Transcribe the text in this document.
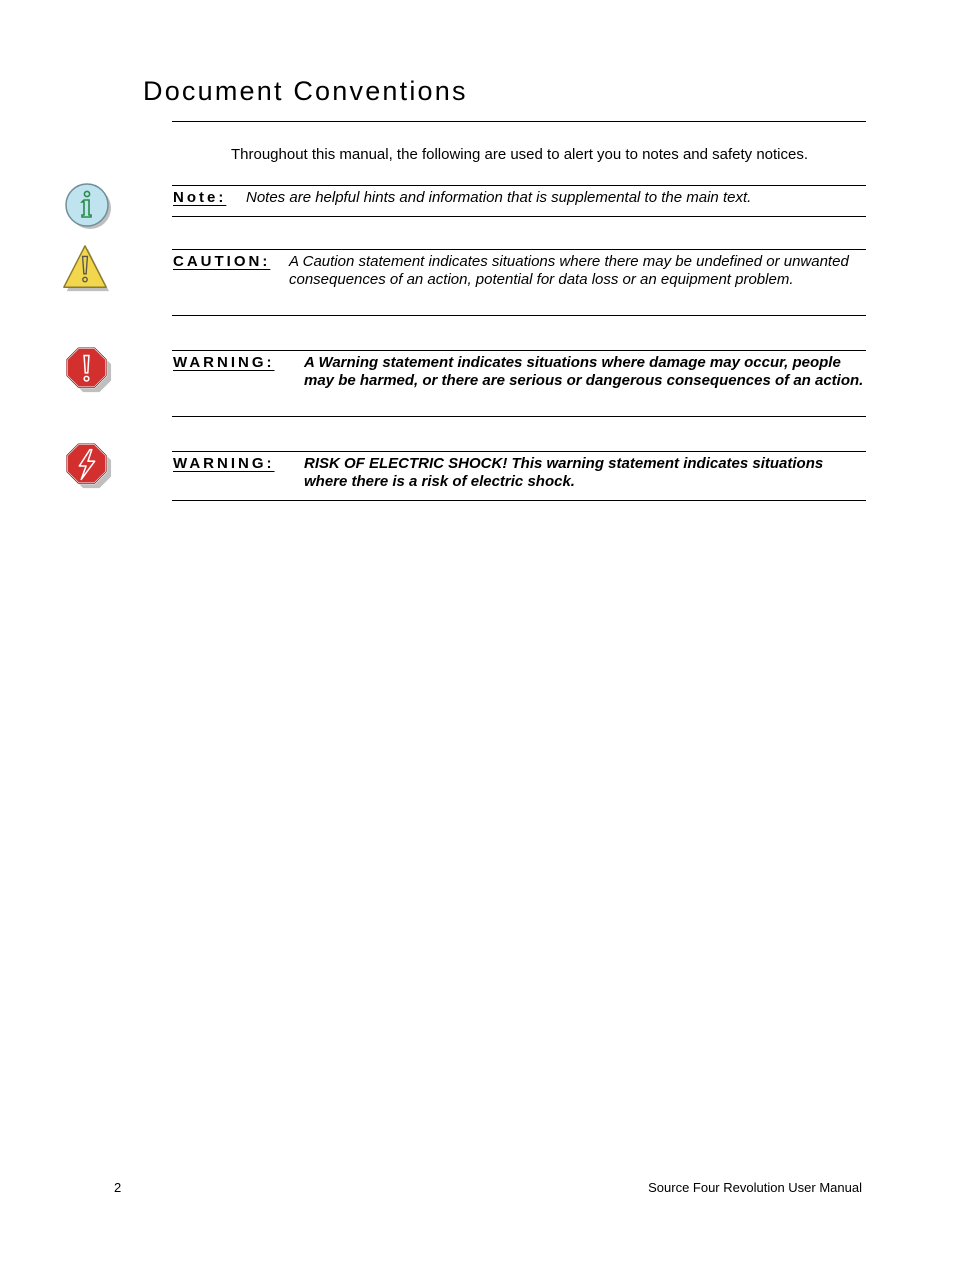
Document Conventions
Throughout this manual, the following are used to alert you to notes and safety notices.
Note: Notes are helpful hints and information that is supplemental to the main text.
CAUTION: A Caution statement indicates situations where there may be undefined or unwanted consequences of an action, potential for data loss or an equipment problem.
WARNING: A Warning statement indicates situations where damage may occur, people may be harmed, or there are serious or dangerous consequences of an action.
WARNING: RISK OF ELECTRIC SHOCK! This warning statement indicates situations where there is a risk of electric shock.
2	Source Four Revolution User Manual
